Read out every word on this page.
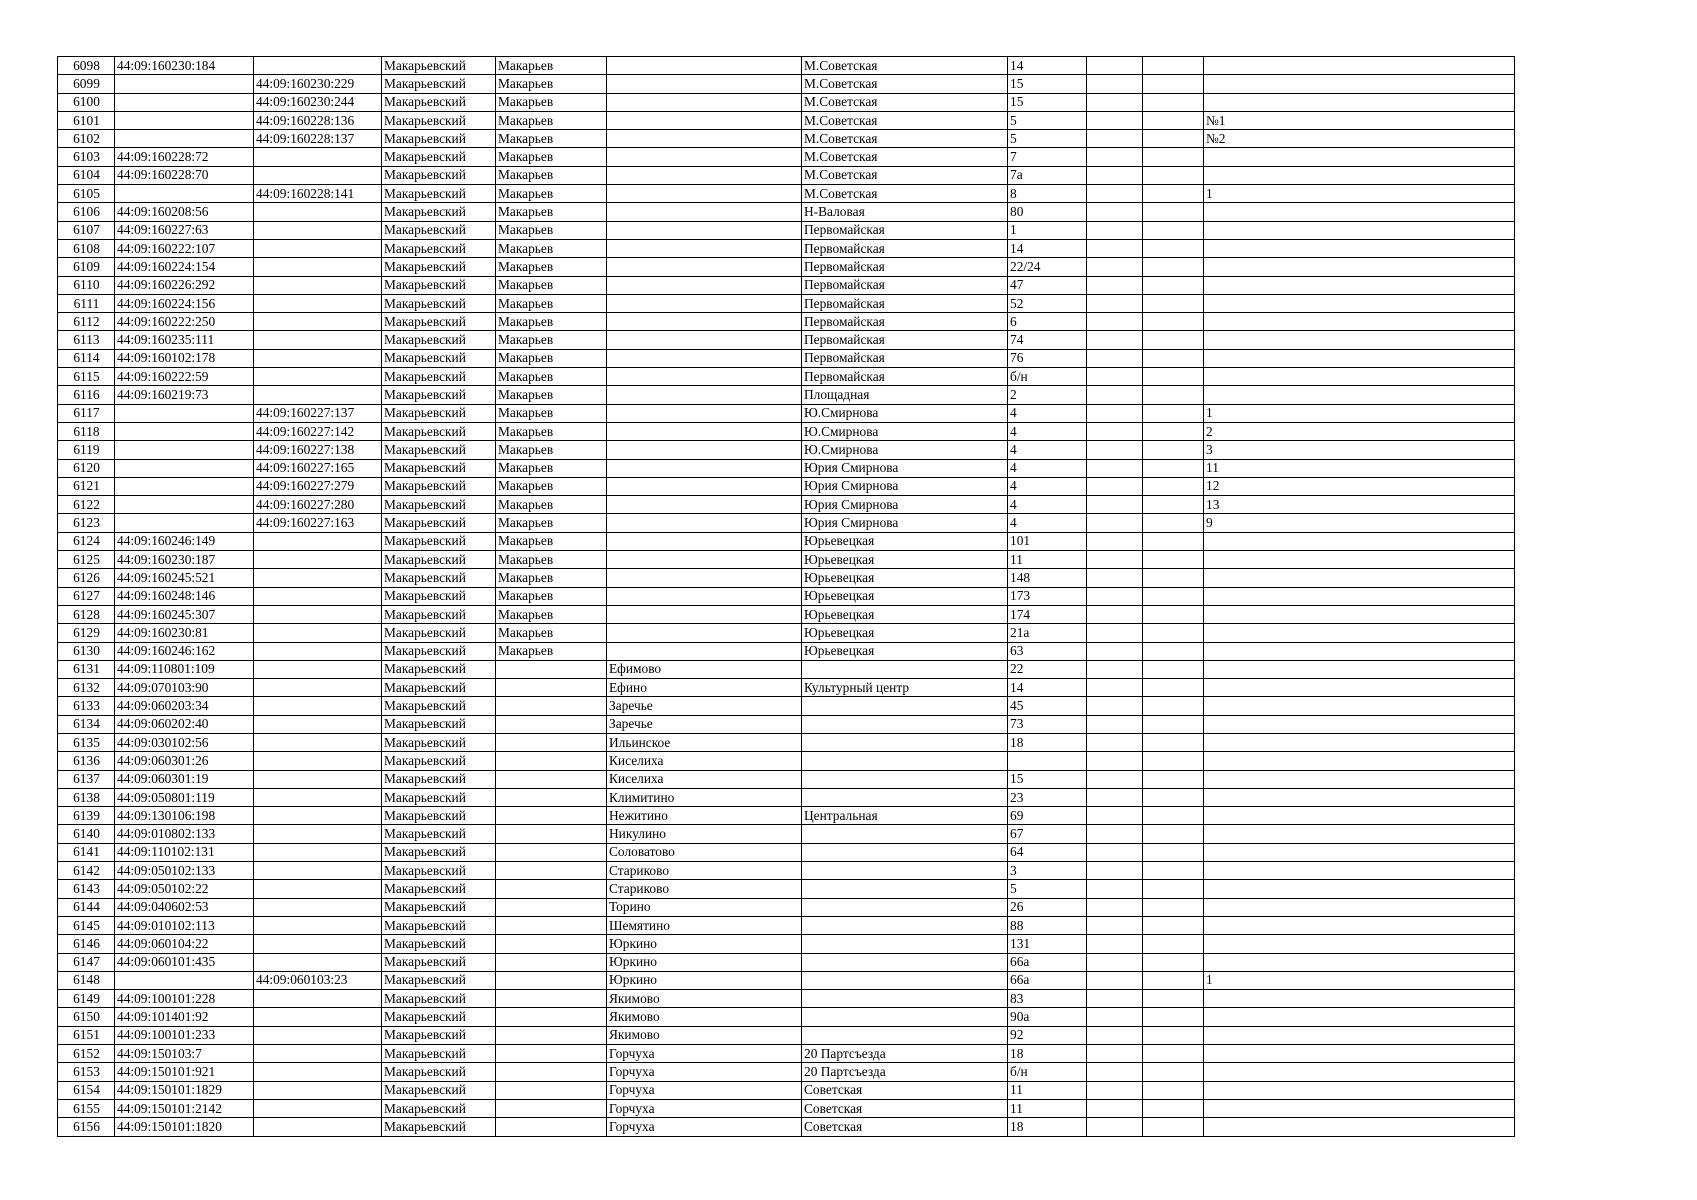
6098	44:09:160230:184		Макарьевский	Макарьев		М.Советская	14			
6099		44:09:160230:229	Макарьевский	Макарьев		М.Советская	15			
6100		44:09:160230:244	Макарьевский	Макарьев		М.Советская	15			
6101		44:09:160228:136	Макарьевский	Макарьев		М.Советская	5			№1
6102		44:09:160228:137	Макарьевский	Макарьев		М.Советская	5			№2
6103	44:09:160228:72		Макарьевский	Макарьев		М.Советская	7			
6104	44:09:160228:70		Макарьевский	Макарьев		М.Советская	7а			
6105		44:09:160228:141	Макарьевский	Макарьев		М.Советская	8			1
6106	44:09:160208:56		Макарьевский	Макарьев		Н-Валовая	80			
6107	44:09:160227:63		Макарьевский	Макарьев		Первомайская	1			
6108	44:09:160222:107		Макарьевский	Макарьев		Первомайская	14			
6109	44:09:160224:154		Макарьевский	Макарьев		Первомайская	22/24			
6110	44:09:160226:292		Макарьевский	Макарьев		Первомайская	47			
6111	44:09:160224:156		Макарьевский	Макарьев		Первомайская	52			
6112	44:09:160222:250		Макарьевский	Макарьев		Первомайская	6			
6113	44:09:160235:111		Макарьевский	Макарьев		Первомайская	74			
6114	44:09:160102:178		Макарьевский	Макарьев		Первомайская	76			
6115	44:09:160222:59		Макарьевский	Макарьев		Первомайская	б/н			
6116	44:09:160219:73		Макарьевский	Макарьев		Площадная	2			
6117		44:09:160227:137	Макарьевский	Макарьев		Ю.Смирнова	4			1
6118		44:09:160227:142	Макарьевский	Макарьев		Ю.Смирнова	4			2
6119		44:09:160227:138	Макарьевский	Макарьев		Ю.Смирнова	4			3
6120		44:09:160227:165	Макарьевский	Макарьев		Юрия Смирнова	4			11
6121		44:09:160227:279	Макарьевский	Макарьев		Юрия Смирнова	4			12
6122		44:09:160227:280	Макарьевский	Макарьев		Юрия Смирнова	4			13
6123		44:09:160227:163	Макарьевский	Макарьев		Юрия Смирнова	4			9
6124	44:09:160246:149		Макарьевский	Макарьев		Юрьевецкая	101			
6125	44:09:160230:187		Макарьевский	Макарьев		Юрьевецкая	11			
6126	44:09:160245:521		Макарьевский	Макарьев		Юрьевецкая	148			
6127	44:09:160248:146		Макарьевский	Макарьев		Юрьевецкая	173			
6128	44:09:160245:307		Макарьевский	Макарьев		Юрьевецкая	174			
6129	44:09:160230:81		Макарьевский	Макарьев		Юрьевецкая	21а			
6130	44:09:160246:162		Макарьевский	Макарьев		Юрьевецкая	63			
6131	44:09:110801:109		Макарьевский		Ефимово		22			
6132	44:09:070103:90		Макарьевский		Ефино	Культурный центр	14			
6133	44:09:060203:34		Макарьевский		Заречье		45			
6134	44:09:060202:40		Макарьевский		Заречье		73			
6135	44:09:030102:56		Макарьевский		Ильинское		18			
6136	44:09:060301:26		Макарьевский		Киселиха					
6137	44:09:060301:19		Макарьевский		Киселиха		15			
6138	44:09:050801:119		Макарьевский		Климитино		23			
6139	44:09:130106:198		Макарьевский		Нежитино	Центральная	69			
6140	44:09:010802:133		Макарьевский		Никулино		67			
6141	44:09:110102:131		Макарьевский		Соловатово		64			
6142	44:09:050102:133		Макарьевский		Стариково		3			
6143	44:09:050102:22		Макарьевский		Стариково		5			
6144	44:09:040602:53		Макарьевский		Торино		26			
6145	44:09:010102:113		Макарьевский		Шемятино		88			
6146	44:09:060104:22		Макарьевский		Юркино		131			
6147	44:09:060101:435		Макарьевский		Юркино		66а			
6148		44:09:060103:23	Макарьевский		Юркино		66а			1
6149	44:09:100101:228		Макарьевский		Якимово		83			
6150	44:09:101401:92		Макарьевский		Якимово		90а			
6151	44:09:100101:233		Макарьевский		Якимово		92			
6152	44:09:150103:7		Макарьевский		Горчуха	20 Партсъезда	18			
6153	44:09:150101:921		Макарьевский		Горчуха	20 Партсъезда	б/н			
6154	44:09:150101:1829		Макарьевский		Горчуха	Советская	11			
6155	44:09:150101:2142		Макарьевский		Горчуха	Советская	11			
6156	44:09:150101:1820		Макарьевский		Горчуха	Советская	18			
